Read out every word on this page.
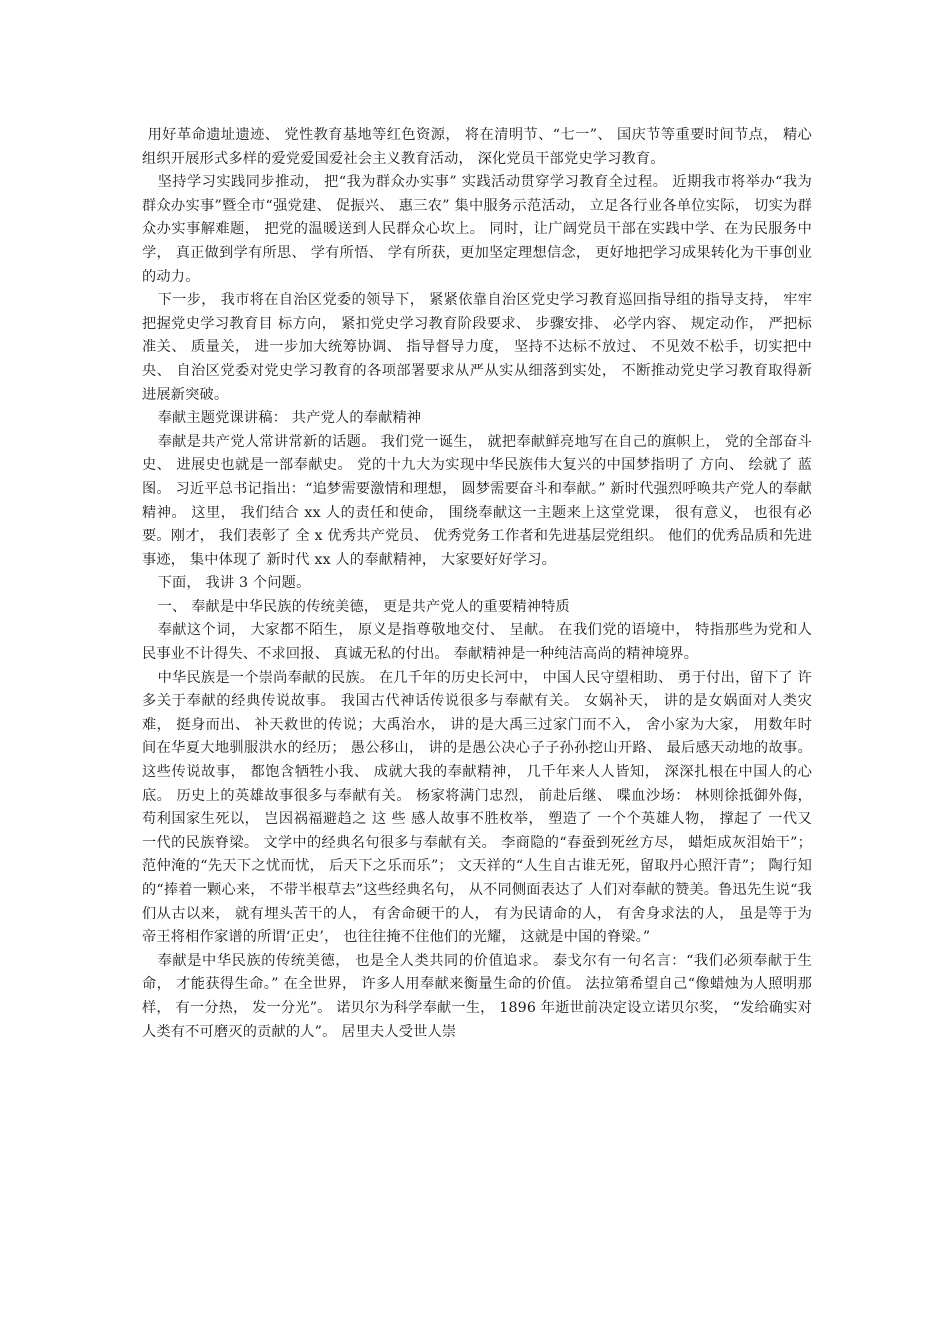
用好革命遗址遗迹、 党性教育基地等红色资源， 将在清明节、“七一”、 国庆节等重要时间节点， 精心组织开展形式多样的爱党爱国爱社会主义教育活动， 深化党员干部党史学习教育。

坚持学习实践同步推动， 把“我为群众办实事” 实践活动贯穿学习教育全过程。 近期我市将举办“我为群众办实事”暨全市“强党建、 促振兴、 惠三农” 集中服务示范活动， 立足各行业各单位实际， 切实为群众办实事解难题， 把党的温暖送到人民群众心坎上。 同时，让广阔党员干部在实践中学、在为民服务中学， 真正做到学有所思、 学有所悟、 学有所获，更加坚定理想信念， 更好地把学习成果转化为干事创业的动力。

下一步， 我市将在自治区党委的领导下， 紧紧依靠自治区党史学习教育巡回指导组的指导支持， 牢牢把握党史学习教育目 标方向， 紧扣党史学习教育阶段要求、 步骤安排、 必学内容、 规定动作， 严把标准关、 质量关， 进一步加大统筹协调、 指导督导力度， 坚持不达标不放过、 不见效不松手，切实把中央、 自治区党委对党史学习教育的各项部署要求从严从实从细落到实处， 不断推动党史学习教育取得新进展新突破。

奉献主题党课讲稿： 共产党人的奉献精神

奉献是共产党人常讲常新的话题。 我们党一诞生， 就把奉献鲜亮地写在自己的旗帜上， 党的全部奋斗史、 进展史也就是一部奉献史。 党的十九大为实现中华民族伟大复兴的中国梦指明了 方向、 绘就了 蓝图。 习近平总书记指出：“追梦需要激情和理想， 圆梦需要奋斗和奉献。” 新时代强烈呼唤共产党人的奉献精神。 这里， 我们结合 xx 人的责任和使命， 围绕奉献这一主题来上这堂党课， 很有意义， 也很有必要。刚才， 我们表彰了 全 x 优秀共产党员、 优秀党务工作者和先进基层党组织。 他们的优秀品质和先进事迹， 集中体现了 新时代 xx 人的奉献精神， 大家要好好学习。

下面， 我讲 3 个问题。

一、 奉献是中华民族的传统美德， 更是共产党人的重要精神特质

奉献这个词， 大家都不陌生， 原义是指尊敬地交付、 呈献。 在我们党的语境中， 特指那些为党和人民事业不计得失、不求回报、 真诚无私的付出。 奉献精神是一种纯洁高尚的精神境界。

中华民族是一个崇尚奉献的民族。 在几千年的历史长河中， 中国人民守望相助、 勇于付出，留下了 许多关于奉献的经典传说故事。 我国古代神话传说很多与奉献有关。 女娲补天， 讲的是女娲面对人类灾难， 挺身而出、 补天救世的传说；大禹治水， 讲的是大禹三过家门而不入， 舍小家为大家， 用数年时间在华夏大地驯服洪水的经历； 愚公移山， 讲的是愚公决心子子孙孙挖山开路、 最后感天动地的故事。 这些传说故事， 都饱含牺牲小我、 成就大我的奉献精神， 几千年来人人皆知， 深深扎根在中国人的心底。 历史上的英雄故事很多与奉献有关。 杨家将满门忠烈， 前赴后继、 喋血沙场： 林则徐抵御外侮， 苟利国家生死以， 岂因祸福避趋之 这 些 感人故事不胜枚举， 塑造了 一个个英雄人物， 撑起了 一代又一代的民族脊梁。 文学中的经典名句很多与奉献有关。 李商隐的“春蚕到死丝方尽， 蜡炬成灰泪始干”；范仲淹的“先天下之忧而忧， 后天下之乐而乐”； 文天祥的“人生自古谁无死，留取丹心照汗青”； 陶行知的“捧着一颗心来， 不带半根草去”这些经典名句， 从不同侧面表达了 人们对奉献的赞美。鲁迅先生说“我们从古以来， 就有埋头苦干的人， 有舍命硬干的人， 有为民请命的人， 有舍身求法的人， 虽是等于为帝王将相作家谱的所谓‘正史’， 也往往掩不住他们的光耀， 这就是中国的脊梁。”

奉献是中华民族的传统美德， 也是全人类共同的价值追求。 泰戈尔有一句名言：“我们必须奉献于生命， 才能获得生命。” 在全世界， 许多人用奉献来衡量生命的价值。 法拉第希望自己“像蜡烛为人照明那样， 有一分热， 发一分光”。 诺贝尔为科学奉献一生， 1896 年逝世前决定设立诺贝尔奖， “发给确实对人类有不可磨灭的贡献的人”。 居里夫人受世人崇
